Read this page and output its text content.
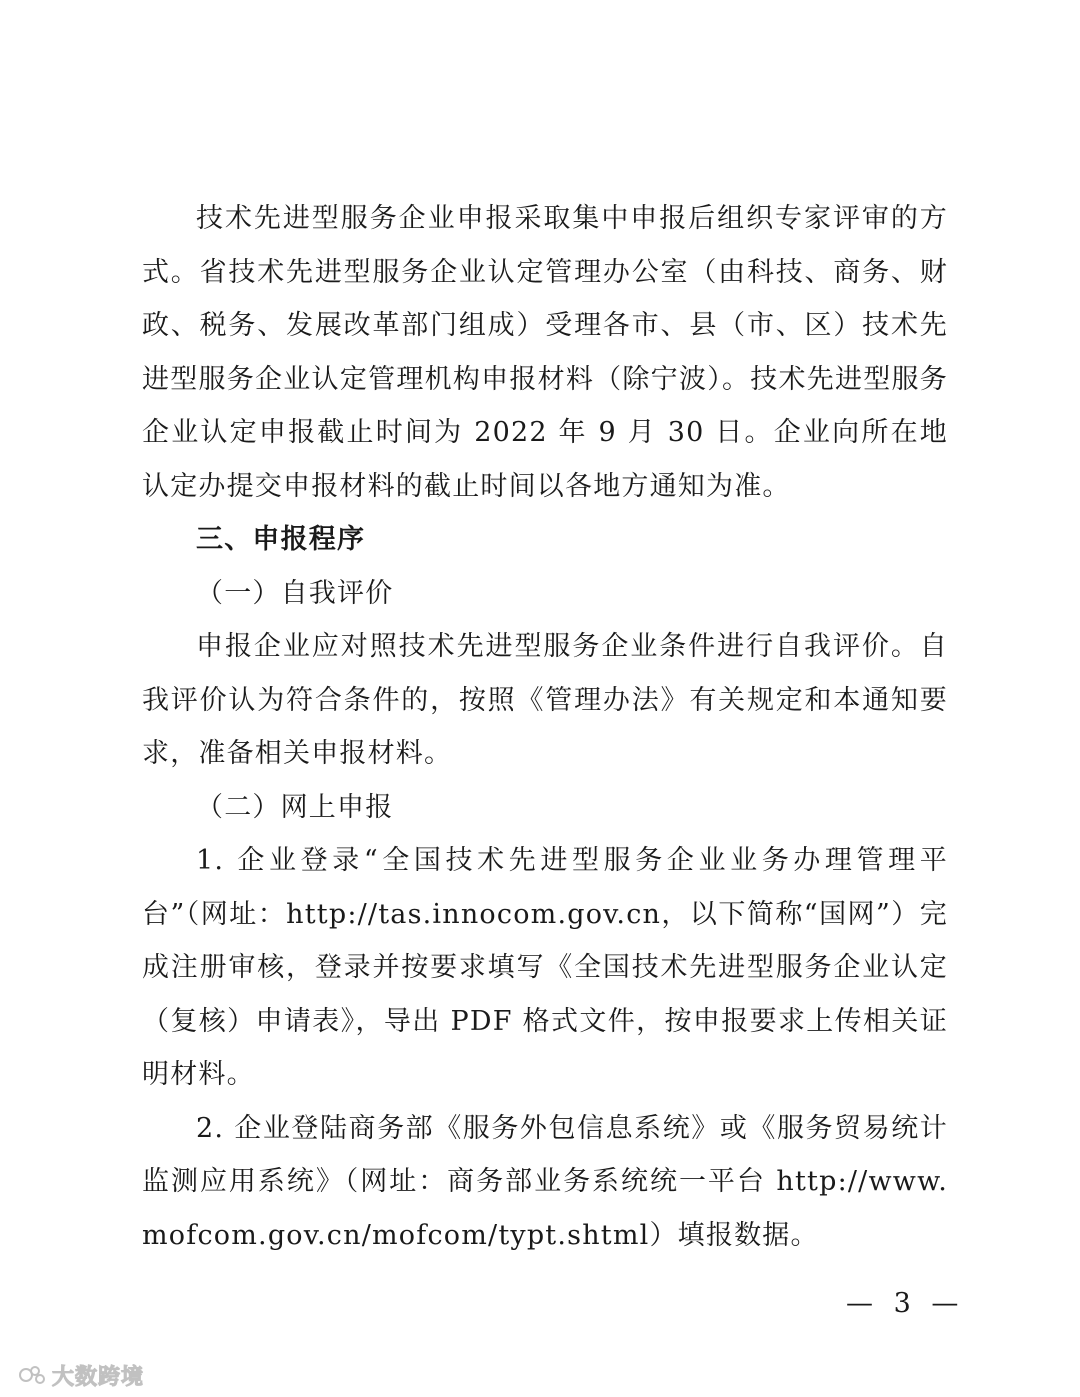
技术先进型服务企业申报采取集中申报后组织专家评审的方式。省技术先进型服务企业认定管理办公室（由科技、商务、财政、税务、发展改革部门组成）受理各市、县（市、区）技术先进型服务企业认定管理机构申报材料（除宁波）。技术先进型服务企业认定申报截止时间为 2022 年 9 月 30 日。企业向所在地认定办提交申报材料的截止时间以各地方通知为准。

三、申报程序

（一）自我评价

申报企业应对照技术先进型服务企业条件进行自我评价。自我评价认为符合条件的，按照《管理办法》有关规定和本通知要求，准备相关申报材料。

（二）网上申报

1. 企业登录“全国技术先进型服务企业业务办理管理平台”（网址：http://tas.innocom.gov.cn，以下简称“国网”）完成注册审核，登录并按要求填写《全国技术先进型服务企业认定（复核）申请表》，导出 PDF 格式文件，按申报要求上传相关证明材料。

2. 企业登陆商务部《服务外包信息系统》或《服务贸易统计监测应用系统》（网址：商务部业务系统统一平台 http://www.mofcom.gov.cn/mofcom/typt.shtml）填报数据。

— 3 —
大数跨境
